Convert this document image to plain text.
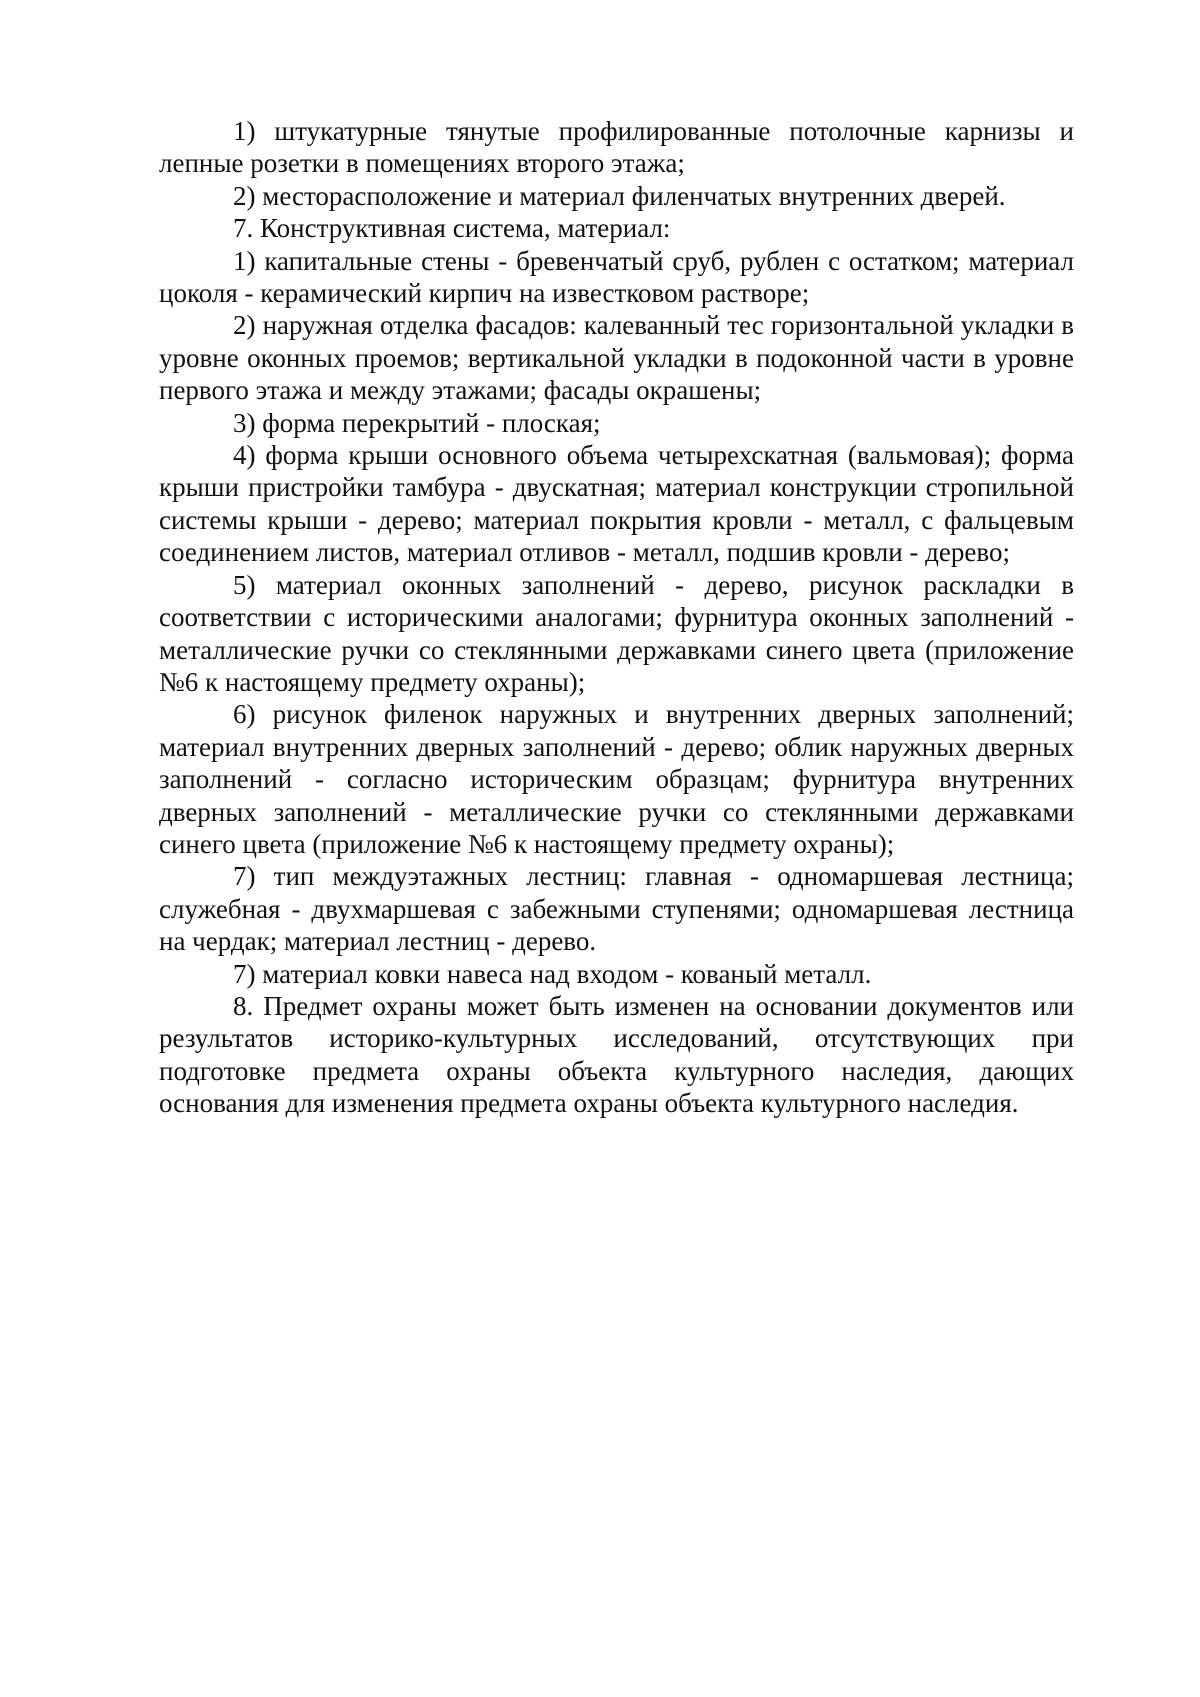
1) штукатурные тянутые профилированные потолочные карнизы и лепные розетки в помещениях второго этажа;

2) месторасположение и материал филенчатых внутренних дверей.

7. Конструктивная система, материал:

1) капитальные стены - бревенчатый сруб, рублен с остатком; материал цоколя - керамический кирпич на известковом растворе;

2) наружная отделка фасадов: калеванный тес горизонтальной укладки в уровне оконных проемов; вертикальной укладки в подоконной части в уровне первого этажа и между этажами; фасады окрашены;

3) форма перекрытий - плоская;

4) форма крыши основного объема четырехскатная (вальмовая); форма крыши пристройки тамбура - двускатная; материал конструкции стропильной системы крыши - дерево; материал покрытия кровли - металл, с фальцевым соединением листов, материал отливов - металл, подшив кровли - дерево;

5) материал оконных заполнений - дерево, рисунок раскладки в соответствии с историческими аналогами; фурнитура оконных заполнений - металлические ручки со стеклянными державками синего цвета (приложение №6 к настоящему предмету охраны);

6) рисунок филенок наружных и внутренних дверных заполнений; материал внутренних дверных заполнений - дерево; облик наружных дверных заполнений - согласно историческим образцам; фурнитура внутренних дверных заполнений - металлические ручки со стеклянными державками синего цвета (приложение №6 к настоящему предмету охраны);

7) тип междуэтажных лестниц: главная - одномаршевая лестница; служебная - двухмаршевая с забежными ступенями; одномаршевая лестница на чердак; материал лестниц - дерево.

7) материал ковки навеса над входом - кованый металл.

8. Предмет охраны может быть изменен на основании документов или результатов историко-культурных исследований, отсутствующих при подготовке предмета охраны объекта культурного наследия, дающих основания для изменения предмета охраны объекта культурного наследия.
